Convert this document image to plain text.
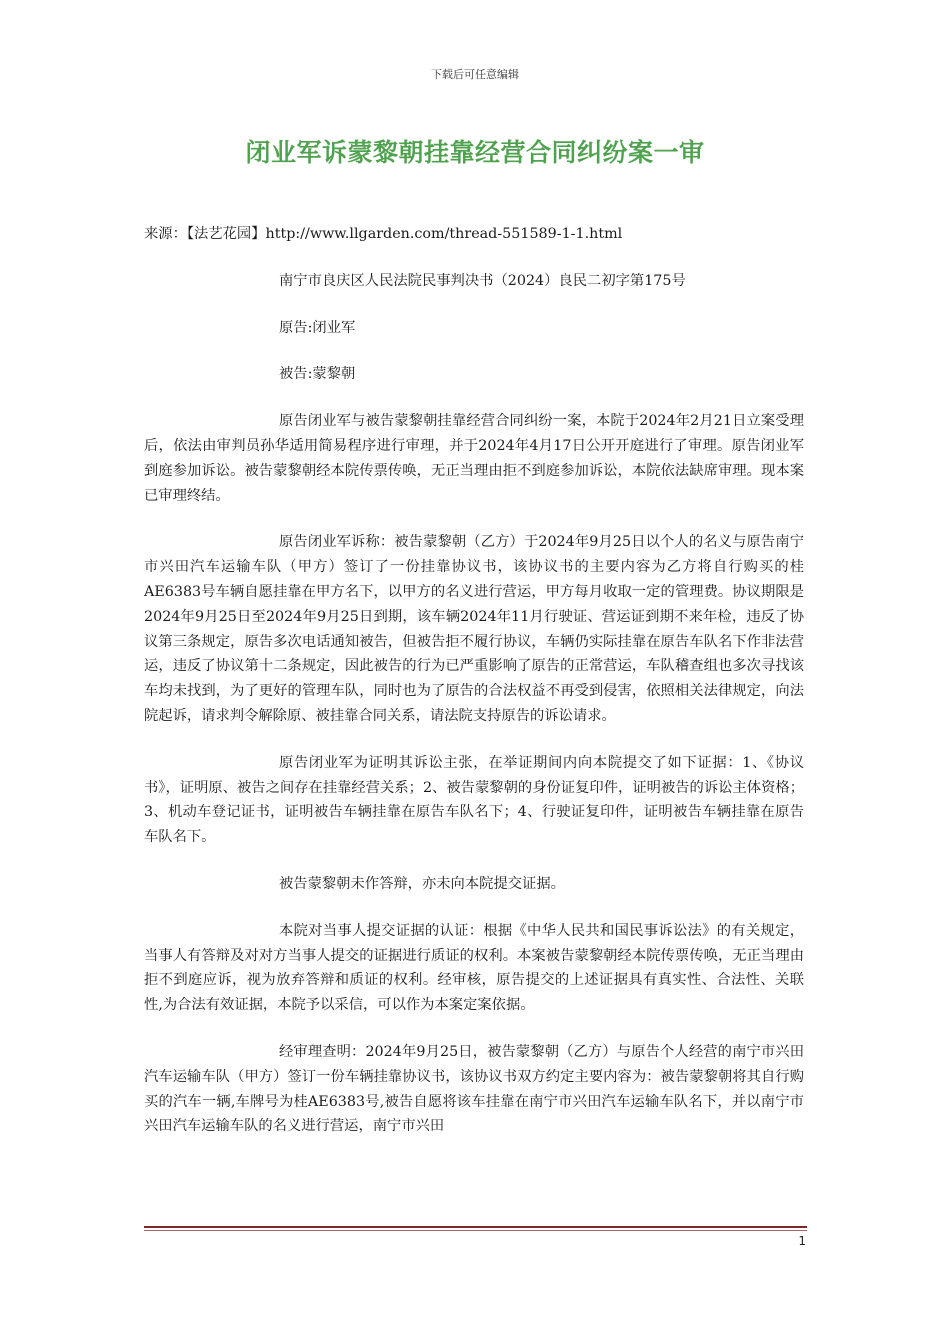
下载后可任意编辑
闭业军诉蒙黎朝挂靠经营合同纠纷案一审

来源：【法艺花园】http://www.llgarden.com/thread-551589-1-1.html

南宁市良庆区人民法院民事判决书（2024）良民二初字第175号

原告:闭业军

被告:蒙黎朝

原告闭业军与被告蒙黎朝挂靠经营合同纠纷一案，本院于2024年2月21日立案受理后，依法由审判员孙华适用简易程序进行审理，并于2024年4月17日公开开庭进行了审理。原告闭业军到庭参加诉讼。被告蒙黎朝经本院传票传唤，无正当理由拒不到庭参加诉讼，本院依法缺席审理。现本案已审理终结。

原告闭业军诉称：被告蒙黎朝（乙方）于2024年9月25日以个人的名义与原告南宁市兴田汽车运输车队（甲方）签订了一份挂靠协议书，该协议书的主要内容为乙方将自行购买的桂AE6383号车辆自愿挂靠在甲方名下，以甲方的名义进行营运，甲方每月收取一定的管理费。协议期限是2024年9月25日至2024年9月25日到期，该车辆2024年11月行驶证、营运证到期不来年检，违反了协议第三条规定，原告多次电话通知被告，但被告拒不履行协议，车辆仍实际挂靠在原告车队名下作非法营运，违反了协议第十二条规定，因此被告的行为已严重影响了原告的正常营运，车队稽查组也多次寻找该车均未找到，为了更好的管理车队，同时也为了原告的合法权益不再受到侵害，依照相关法律规定，向法院起诉，请求判令解除原、被挂靠合同关系，请法院支持原告的诉讼请求。

原告闭业军为证明其诉讼主张，在举证期间内向本院提交了如下证据：1、《协议书》，证明原、被告之间存在挂靠经营关系；2、被告蒙黎朝的身份证复印件，证明被告的诉讼主体资格；3、机动车登记证书，证明被告车辆挂靠在原告车队名下；4、行驶证复印件，证明被告车辆挂靠在原告车队名下。

被告蒙黎朝未作答辩，亦未向本院提交证据。

本院对当事人提交证据的认证：根据《中华人民共和国民事诉讼法》的有关规定，当事人有答辩及对对方当事人提交的证据进行质证的权利。本案被告蒙黎朝经本院传票传唤，无正当理由拒不到庭应诉，视为放弃答辩和质证的权利。经审核，原告提交的上述证据具有真实性、合法性、关联性,为合法有效证据，本院予以采信，可以作为本案定案依据。

经审理查明：2024年9月25日，被告蒙黎朝（乙方）与原告个人经营的南宁市兴田汽车运输车队（甲方）签订一份车辆挂靠协议书，该协议书双方约定主要内容为：被告蒙黎朝将其自行购买的汽车一辆,车牌号为桂AE6383号,被告自愿将该车挂靠在南宁市兴田汽车运输车队名下，并以南宁市兴田汽车运输车队的名义进行营运，南宁市兴田

1
